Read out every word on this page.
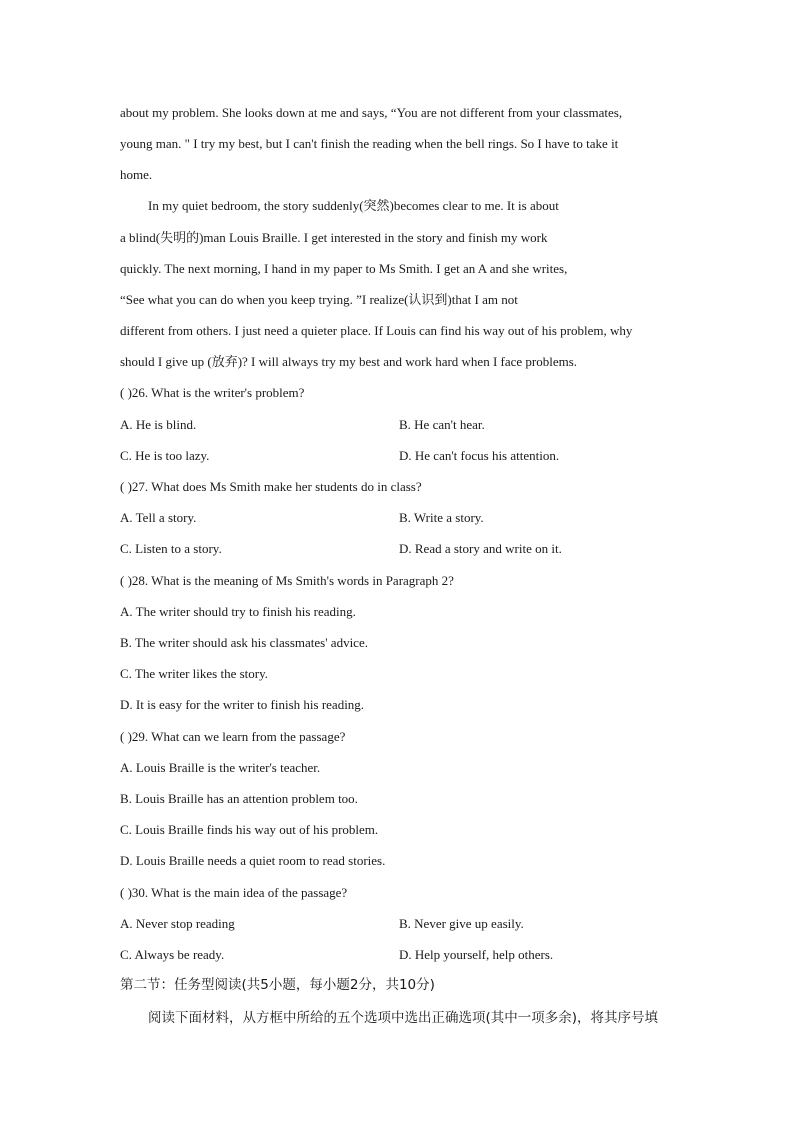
about my problem. She looks down at me and says, “You are not different from your classmates,
young man. " I try my best, but I can't finish the reading when the bell rings. So I have to take it
home.
In my quiet bedroom, the story suddenly(突然)becomes clear to me. It is about
a blind(失明的)man Louis Braille. I get interested in the story and finish my work
quickly. The next morning, I hand in my paper to Ms Smith. I get an A and she writes,
“See what you can do when you keep trying. ”I realize(认识到)that I am not
different from others. I just need a quieter place. If Louis can find his way out of his problem, why
should I give up (放弃)? I will always try my best and work hard when I face problems.
( )26. What is the writer's problem?
A. He is blind.	B. He can't hear.
C. He is too lazy.	D. He can't focus his attention.
( )27. What does Ms Smith make her students do in class?
A. Tell a story.	B. Write a story.
C. Listen to a story.	D. Read a story and write on it.
( )28. What is the meaning of Ms Smith's words in Paragraph 2?
A. The writer should try to finish his reading.
B. The writer should ask his classmates' advice.
C. The writer likes the story.
D. It is easy for the writer to finish his reading.
( )29. What can we learn from the passage?
A. Louis Braille is the writer's teacher.
B. Louis Braille has an attention problem too.
C. Louis Braille finds his way out of his problem.
D. Louis Braille needs a quiet room to read stories.
( )30. What is the main idea of the passage?
A. Never stop reading	B. Never give up easily.
C. Always be ready.	D. Help yourself, help others.
第二节：任务型阅读(共5小题，每小题2分，共10分)
阅读下面材料，从方框中所给的五个选项中选出正确选项(其中一项多余)，将其序号填
